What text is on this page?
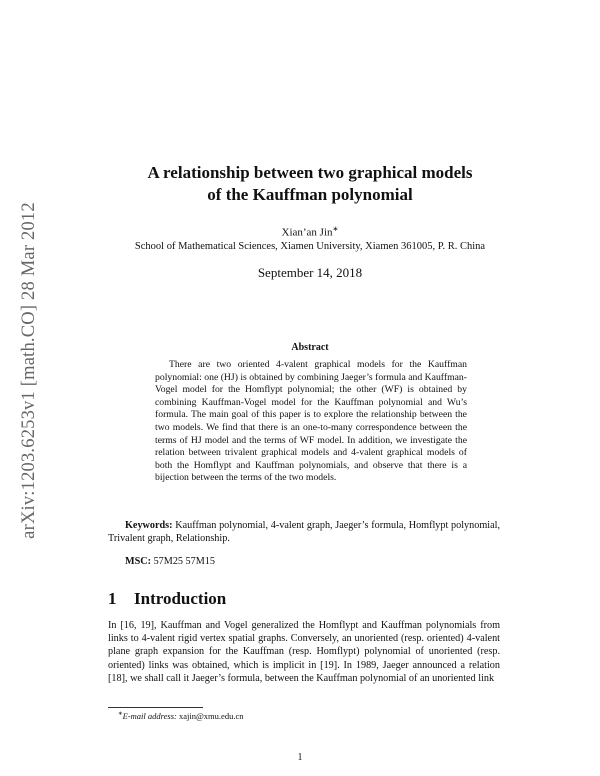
arXiv:1203.6253v1 [math.CO] 28 Mar 2012
A relationship between two graphical models
of the Kauffman polynomial
Xian’an Jin∗
School of Mathematical Sciences, Xiamen University, Xiamen 361005, P. R. China
September 14, 2018
Abstract

There are two oriented 4-valent graphical models for the Kauffman polynomial: one (HJ) is obtained by combining Jaeger’s formula and Kauffman-Vogel model for the Homflypt polynomial; the other (WF) is obtained by combining Kauffman-Vogel model for the Kauffman polynomial and Wu’s formula. The main goal of this paper is to explore the relationship between the two models. We find that there is an one-to-many correspondence between the terms of HJ model and the terms of WF model. In addition, we investigate the relation between trivalent graphical models and 4-valent graphical models of both the Homflypt and Kauffman polynomials, and observe that there is a bijection between the terms of the two models.

Keywords: Kauffman polynomial, 4-valent graph, Jaeger’s formula, Homflypt polynomial, Trivalent graph, Relationship.

MSC: 57M25 57M15
1 Introduction

In [16, 19], Kauffman and Vogel generalized the Homflypt and Kauffman polynomials from links to 4-valent rigid vertex spatial graphs. Conversely, an unoriented (resp. oriented) 4-valent plane graph expansion for the Kauffman (resp. Homflypt) polynomial of unoriented (resp. oriented) links was obtained, which is implicit in [19]. In 1989, Jaeger announced a relation [18], we shall call it Jaeger’s formula, between the Kauffman polynomial of an unoriented link

∗E-mail address: xajin@xmu.edu.cn
1
